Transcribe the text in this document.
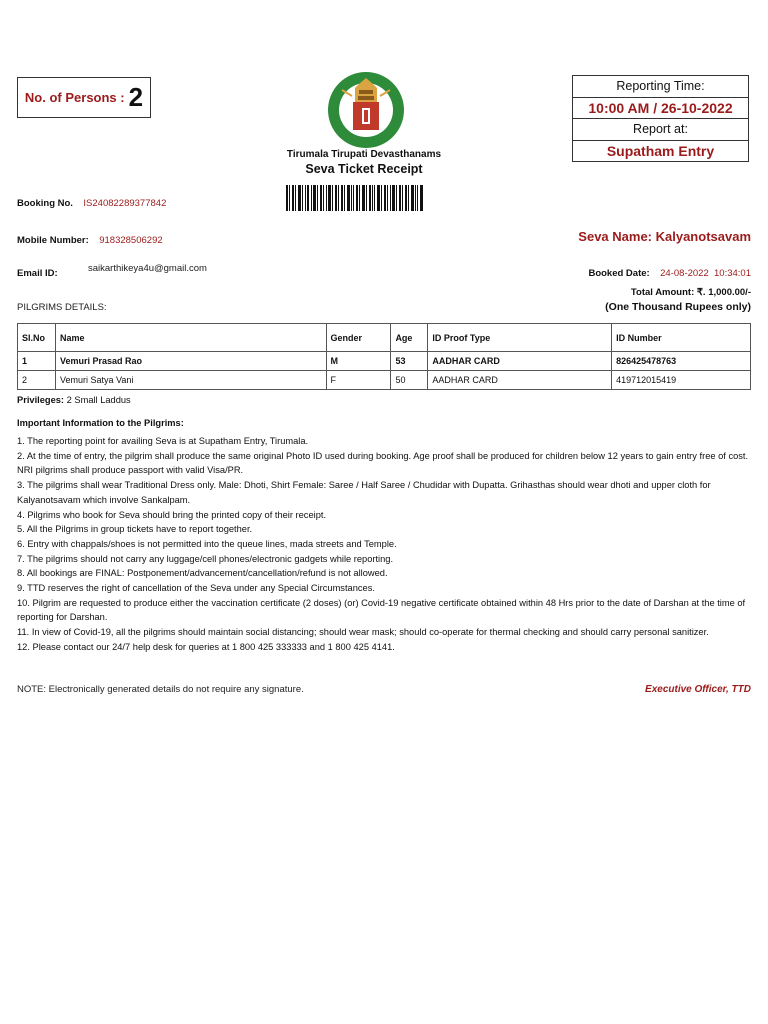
No. of Persons : 2
Tirumala Tirupati Devasthanams
Seva Ticket Receipt
Reporting Time:
10:00 AM / 26-10-2022
Report at:
Supatham Entry
Booking No. IS24082289377842
Mobile Number: 918328506292	Seva Name: Kalyanotsavam
Email ID:	saikarthikeya4u@gmail.com	Booked Date: 24-08-2022  10:34:01
Total Amount: ₹. 1,000.00/-
(One Thousand Rupees only)
PILGRIMS DETAILS:
Sl.No	Name	Gender	Age	ID Proof Type	ID Number
1	Vemuri Prasad Rao	M	53	AADHAR CARD	826425478763
2	Vemuri Satya Vani	F	50	AADHAR CARD	419712015419
Privileges: 2 Small Laddus
Important Information to the Pilgrims:

1. The reporting point for availing Seva is at Supatham Entry, Tirumala.

2. At the time of entry, the pilgrim shall produce the same original Photo ID used during booking. Age proof shall be produced for children below 12 years to gain entry free of cost. NRI pilgrims shall produce passport with valid Visa/PR.

3. The pilgrims shall wear Traditional Dress only. Male: Dhoti, Shirt Female: Saree / Half Saree / Chudidar with Dupatta. Grihasthas should wear dhoti and upper cloth for Kalyanotsavam which involve Sankalpam.

4. Pilgrims who book for Seva should bring the printed copy of their receipt.

5. All the Pilgrims in group tickets have to report together.

6. Entry with chappals/shoes is not permitted into the queue lines, mada streets and Temple.

7. The pilgrims should not carry any luggage/cell phones/electronic gadgets while reporting.

8. All bookings are FINAL: Postponement/advancement/cancellation/refund is not allowed.

9. TTD reserves the right of cancellation of the Seva under any Special Circumstances.

10. Pilgrim are requested to produce either the vaccination certificate (2 doses) (or) Covid-19 negative certificate obtained within 48 Hrs prior to the date of Darshan at the time of reporting for Darshan.

11. In view of Covid-19, all the pilgrims should maintain social distancing; should wear mask; should co-operate for thermal checking and should carry personal sanitizer.

12. Please contact our 24/7 help desk for queries at 1 800 425 333333 and 1 800 425 4141.

NOTE: Electronically generated details do not require any signature.	Executive Officer, TTD
